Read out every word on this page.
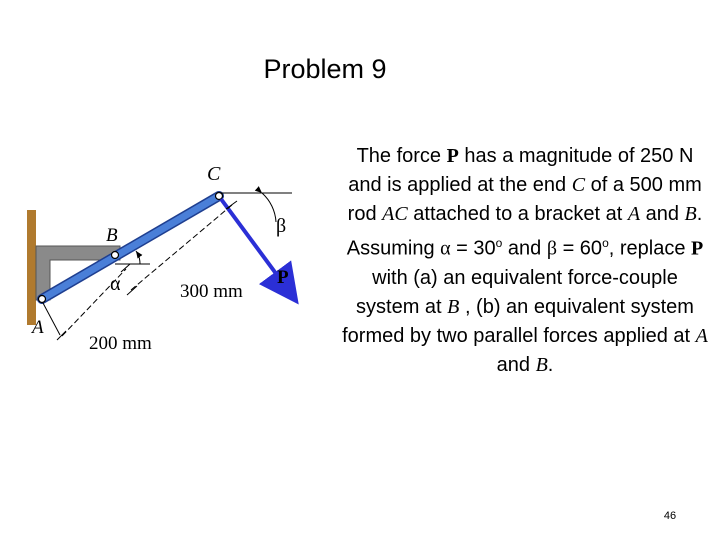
Problem 9
A
B
C
α
β
P
200 mm
300 mm
The force P has a magnitude of 250 N and is applied at the end C of a 500 mm rod AC attached to a bracket at A and B. Assuming $\alpha = 30^o$ and $\beta = 60^o$, replace P with (a) an equivalent force-couple system at B , (b) an equivalent system formed by two parallel forces applied at A and B.
46
